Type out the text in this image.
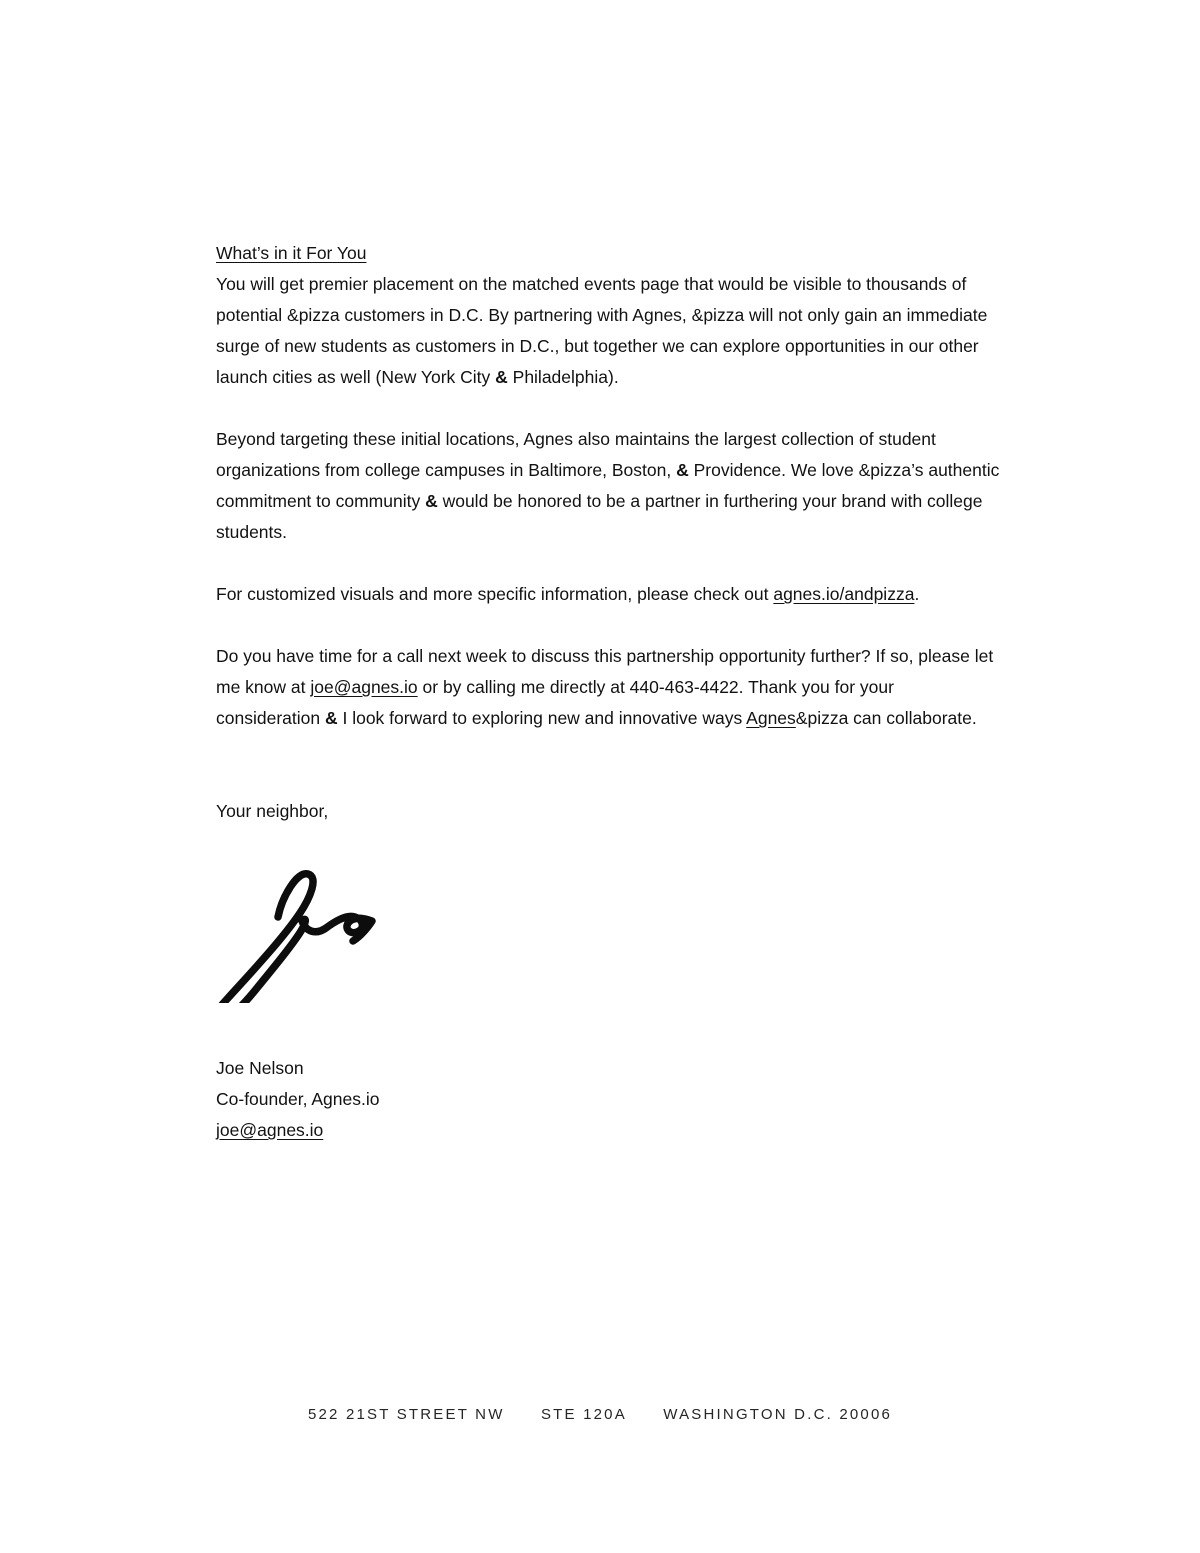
What’s in it For You

You will get premier placement on the matched events page that would be visible to thousands of potential &pizza customers in D.C. By partnering with Agnes, &pizza will not only gain an immediate surge of new students as customers in D.C., but together we can explore opportunities in our other launch cities as well (New York City & Philadelphia).

Beyond targeting these initial locations, Agnes also maintains the largest collection of student organizations from college campuses in Baltimore, Boston, & Providence. We love &pizza’s authentic commitment to community & would be honored to be a partner in furthering your brand with college students.

For customized visuals and more specific information, please check out agnes.io/andpizza.

Do you have time for a call next week to discuss this partnership opportunity further? If so, please let me know at joe@agnes.io or by calling me directly at 440-463-4422. Thank you for your consideration & I look forward to exploring new and innovative ways Agnes&pizza can collaborate.

Your neighbor,

Joe Nelson

Co-founder, Agnes.io

joe@agnes.io

522 21ST STREET NW STE 120A WASHINGTON D.C. 20006
